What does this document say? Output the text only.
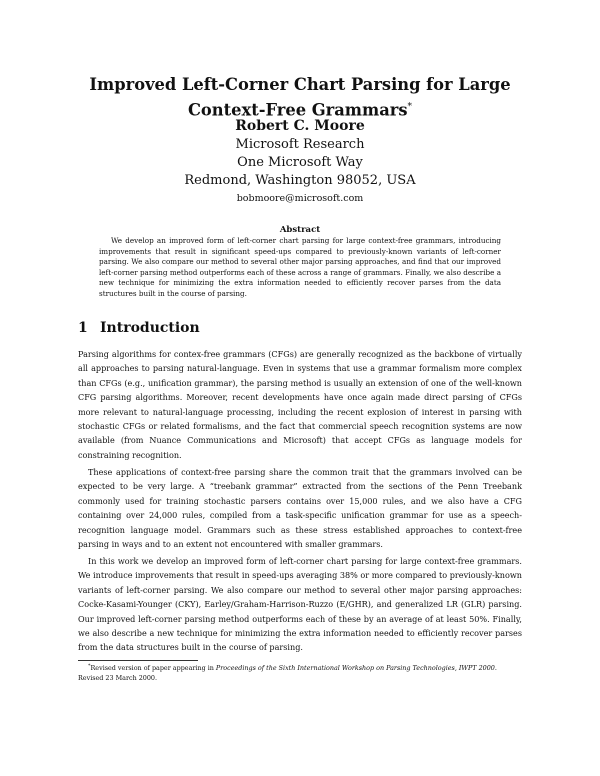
Improved Left-Corner Chart Parsing for Large
Context-Free Grammars*
Robert C. Moore
Microsoft Research
One Microsoft Way
Redmond, Washington 98052, USA
bobmoore@microsoft.com
Abstract
We develop an improved form of left-corner chart parsing for large context-free grammars, introducing improvements that result in significant speed-ups compared to previously-known variants of left-corner parsing. We also compare our method to several other major parsing approaches, and find that our improved left-corner parsing method outperforms each of these across a range of grammars. Finally, we also describe a new technique for minimizing the extra information needed to efficiently recover parses from the data structures built in the course of parsing.
1 Introduction
Parsing algorithms for contex-free grammars (CFGs) are generally recognized as the backbone of virtually all approaches to parsing natural-language. Even in systems that use a grammar formalism more complex than CFGs (e.g., unification grammar), the parsing method is usually an extension of one of the well-known CFG parsing algorithms. Moreover, recent developments have once again made direct parsing of CFGs more relevant to natural-language processing, including the recent explosion of interest in parsing with stochastic CFGs or related formalisms, and the fact that commercial speech recognition systems are now available (from Nuance Communications and Microsoft) that accept CFGs as language models for constraining recognition.
These applications of context-free parsing share the common trait that the grammars involved can be expected to be very large. A “treebank grammar” extracted from the sections of the Penn Treebank commonly used for training stochastic parsers contains over 15,000 rules, and we also have a CFG containing over 24,000 rules, compiled from a task-specific unification grammar for use as a speech-recognition language model. Grammars such as these stress established approaches to context-free parsing in ways and to an extent not encountered with smaller grammars.
In this work we develop an improved form of left-corner chart parsing for large context-free grammars. We introduce improvements that result in speed-ups averaging 38% or more compared to previously-known variants of left-corner parsing. We also compare our method to several other major parsing approaches: Cocke-Kasami-Younger (CKY), Earley/Graham-Harrison-Ruzzo (E/GHR), and generalized LR (GLR) parsing. Our improved left-corner parsing method outperforms each of these by an average of at least 50%. Finally, we also describe a new technique for minimizing the extra information needed to efficiently recover parses from the data structures built in the course of parsing.
*Revised version of paper appearing in Proceedings of the Sixth International Workshop on Parsing Technologies, IWPT 2000. Revised 23 March 2000.
